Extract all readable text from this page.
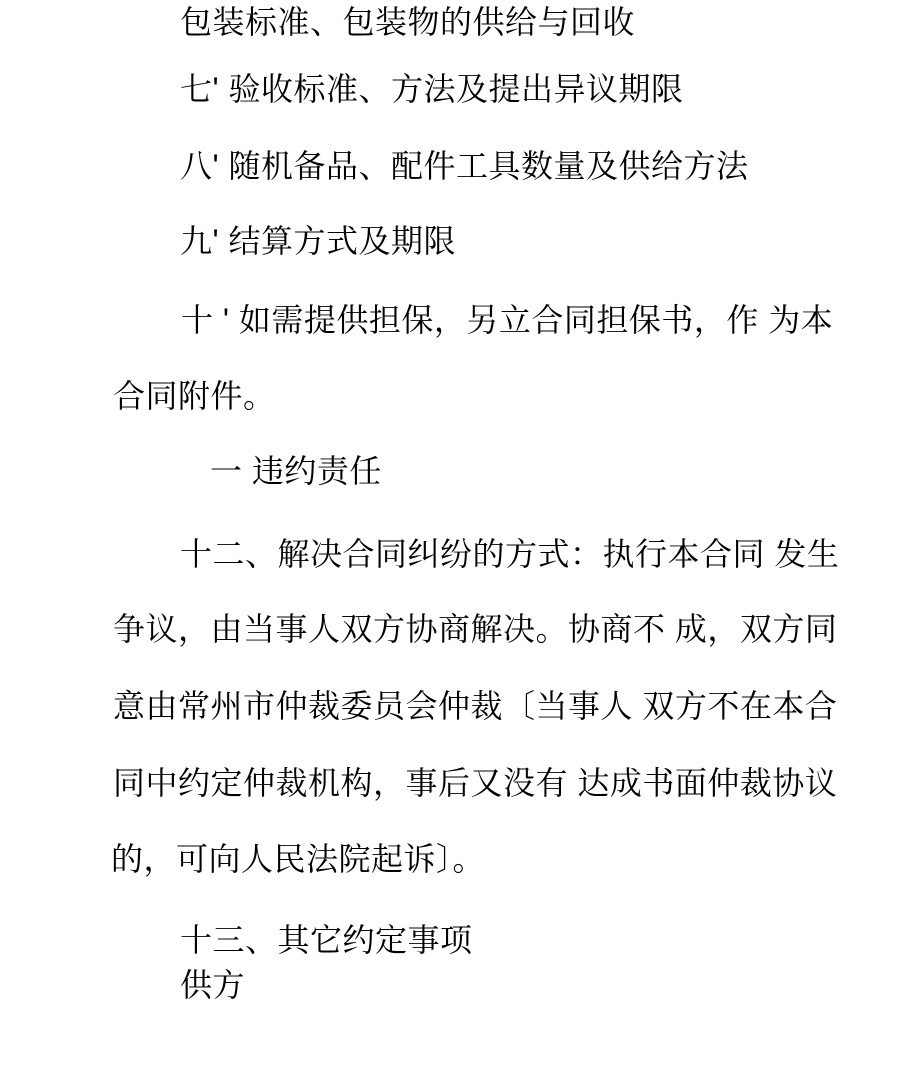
包装标准、包装物的供给与回收
七' 验收标准、方法及提出异议期限
八' 随机备品、配件工具数量及供给方法
九' 结算方式及期限
十 ' 如需提供担保，另立合同担保书，作 为本
合同附件。
一 违约责任
十二、解决合同纠纷的方式：执行本合同 发生
争议，由当事人双方协商解决。协商不 成，双方同
意由常州市仲裁委员会仲裁〔当事人 双方不在本合
同中约定仲裁机构，事后又没有 达成书面仲裁协议
的，可向人民法院起诉〕。
十三、其它约定事项
供方
